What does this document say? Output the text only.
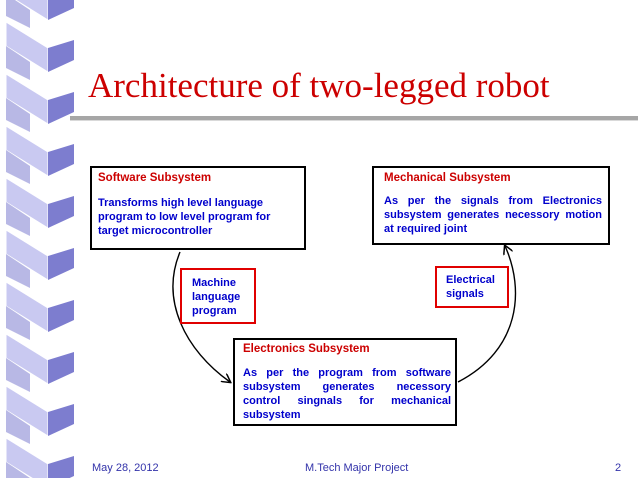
Architecture of two-legged robot
Software Subsystem
Transforms high level language program to low level program for target microcontroller
Mechanical Subsystem
As per the signals from Electronics subsystem generates necessory motion at required joint
Electronics Subsystem
As per the program from software subsystem generates necessory control singnals for mechanical subsystem
Machine language program
Electrical signals
May 28, 2012	M.Tech Major Project	2
